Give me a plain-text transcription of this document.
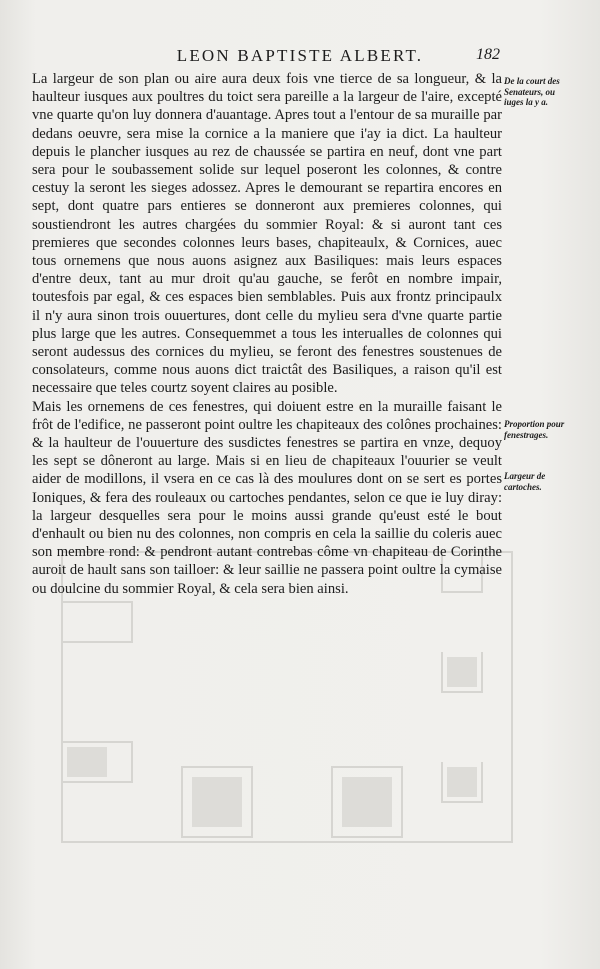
LEON BAPTISTE ALBERT.	182

La largeur de son plan ou aire aura deux fois vne tierce de sa longueur, & la haulteur iusques aux poultres du toict sera pareille a la largeur de l'aire, excepté vne quarte qu'on luy donnera d'auantage. Apres tout a l'entour de sa muraille par dedans oeuvre, sera mise la cornice a la maniere que i'ay ia dict. La haulteur depuis le plancher iusques au rez de chaussée se partira en neuf, dont vne part sera pour le soubassement solide sur lequel poseront les colonnes, & contre cestuy la seront les sieges adossez. Apres le demourant se repartira encores en sept, dont quatre pars entieres se donneront aux premieres colonnes, qui soustiendront les autres chargées du sommier Royal: & si auront tant ces premieres que secondes colonnes leurs bases, chapiteaulx, & Cornices, auec tous ornemens que nous auons asignez aux Basiliques: mais leurs espaces d'entre deux, tant au mur droit qu'au gauche, se ferôt en nombre impair, toutesfois par egal, & ces espaces bien semblables. Puis aux frontz principaulx il n'y aura sinon trois ouuertures, dont celle du mylieu sera d'vne quarte partie plus large que les autres. Consequemmet a tous les interualles de colonnes qui seront audessus des cornices du mylieu, se feront des fenestres soustenues de consolateurs, comme nous auons dict traictât des Basiliques, a raison qu'il est necessaire que teles courtz soyent claires au posible.

Mais les ornemens de ces fenestres, qui doiuent estre en la muraille faisant le frôt de l'edifice, ne passeront point oultre les chapiteaux des colônes prochaines: & la haulteur de l'ouuerture des susdictes fenestres se partira en vnze, dequoy les sept se dôneront au large. Mais si en lieu de chapiteaux l'ouurier se veult aider de modillons, il vsera en ce cas là des moulures dont on se sert es portes Ioniques, & fera des rouleaux ou cartoches pendantes, selon ce que ie luy diray: la largeur desquelles sera pour le moins aussi grande qu'eust esté le bout d'enhault ou bien nu des colonnes, non compris en cela la saillie du coleris auec son membre rond: & pendront autant contrebas côme vn chapiteau de Corinthe auroit de hault sans son tailloer: & leur saillie ne passera point oultre la cymaise ou doulcine du sommier Royal, & cela sera bien ainsi.

De la court des Senateurs, ou iuges la y a.
Proportion pour fenestrages.
Largeur de cartoches.
